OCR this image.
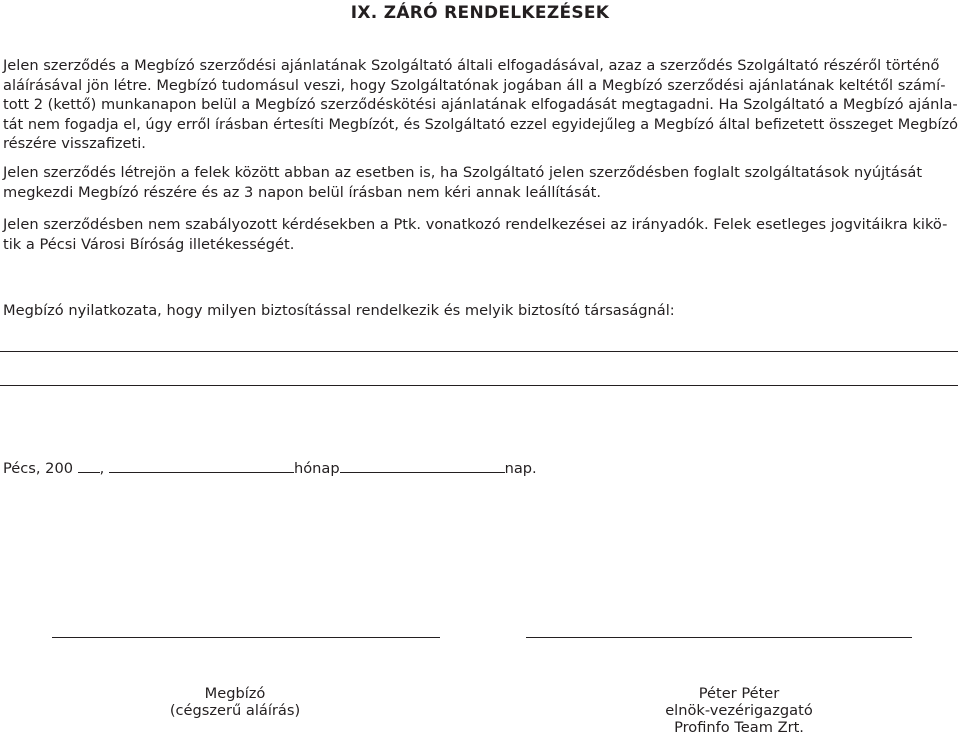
IX. ZÁRÓ RENDELKEZÉSEK
Jelen szerződés a Megbízó szerződési ajánlatának Szolgáltató általi elfogadásával, azaz a szerződés Szolgáltató részéről történő
aláírásával jön létre. Megbízó tudomásul veszi, hogy Szolgáltatónak jogában áll a Megbízó szerződési ajánlatának keltétől számí-
tott 2 (kettő) munkanapon belül a Megbízó szerződéskötési ajánlatának elfogadását megtagadni. Ha Szolgáltató a Megbízó ajánla-
tát nem fogadja el, úgy erről írásban értesíti Megbízót, és Szolgáltató ezzel egyidejűleg a Megbízó által befizetett összeget Megbízó
részére visszafizeti.
Jelen szerződés létrejön a felek között abban az esetben is, ha Szolgáltató jelen szerződésben foglalt szolgáltatások nyújtását
megkezdi Megbízó részére és az 3 napon belül írásban nem kéri annak leállítását.
Jelen szerződésben nem szabályozott kérdésekben a Ptk. vonatkozó rendelkezései az irányadók. Felek esetleges jogvitáikra kikö-
tik a Pécsi Városi Bíróság illetékességét.
Megbízó nyilatkozata, hogy milyen biztosítással rendelkezik és melyik biztosító társaságnál:
Pécs, 200 ,	hónap	nap.
Megbízó
(cégszerű aláírás)
Péter Péter
elnök-vezérigazgató
Profinfo Team Zrt.
